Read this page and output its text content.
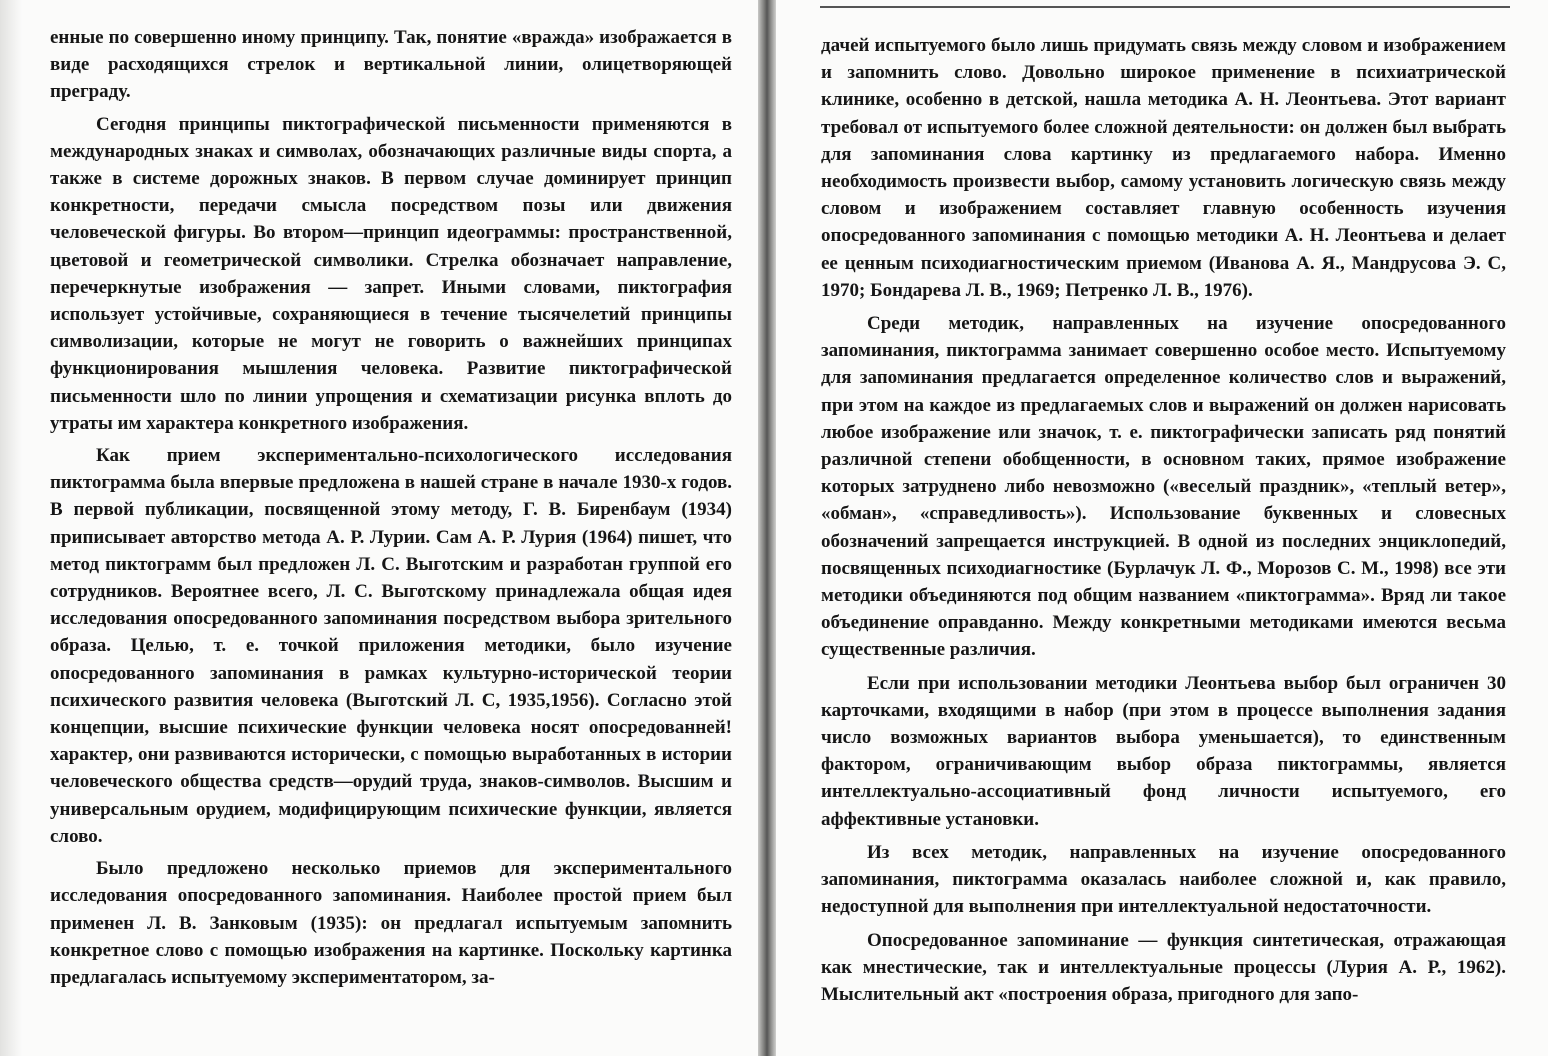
енные по совершенно иному принципу. Так, понятие «вражда» изображается в виде расходящихся стрелок и вертикальной линии, олицетворяющей преграду.

Сегодня принципы пиктографической письменности применяются в международных знаках и символах, обозначающих различные виды спорта, а также в системе дорожных знаков. В первом случае доминирует принцип конкретности, передачи смысла посредством позы или движения человеческой фигуры. Во втором—принцип идеограммы: пространственной, цветовой и геометрической символики. Стрелка обозначает направление, перечеркнутые изображения — запрет. Иными словами, пиктография использует устойчивые, сохраняющиеся в течение тысячелетий принципы символизации, которые не могут не говорить о важнейших принципах функционирования мышления человека. Развитие пиктографической письменности шло по линии упрощения и схематизации рисунка вплоть до утраты им характера конкретного изображения.

Как прием экспериментально-психологического исследования пиктограмма была впервые предложена в нашей стране в начале 1930-х годов. В первой публикации, посвященной этому методу, Г. В. Биренбаум (1934) приписывает авторство метода А. Р. Лурии. Сам А. Р. Лурия (1964) пишет, что метод пиктограмм был предложен Л. С. Выготским и разработан группой его сотрудников. Вероятнее всего, Л. С. Выготскому принадлежала общая идея исследования опосредованного запоминания посредством выбора зрительного образа. Целью, т. е. точкой приложения методики, было изучение опосредованного запоминания в рамках культурно-исторической теории психического развития человека (Выготский Л. С, 1935,1956). Согласно этой концепции, высшие психические функции человека носят опосредованней! характер, они развиваются исторически, с помощью выработанных в истории человеческого общества средств—орудий труда, знаков-символов. Высшим и универсальным орудием, модифицирующим психические функции, является слово.

Было предложено несколько приемов для экспериментального исследования опосредованного запоминания. Наиболее простой прием был применен Л. В. Занковым (1935): он предлагал испытуемым запомнить конкретное слово с помощью изображения на картинке. Поскольку картинка предлагалась испытуемому экспериментатором, за-

дачей испытуемого было лишь придумать связь между словом и изображением и запомнить слово. Довольно широкое применение в психиатрической клинике, особенно в детской, нашла методика А. Н. Леонтьева. Этот вариант требовал от испытуемого более сложной деятельности: он должен был выбрать для запоминания слова картинку из предлагаемого набора. Именно необходимость произвести выбор, самому установить логическую связь между словом и изображением составляет главную особенность изучения опосредованного запоминания с помощью методики А. Н. Леонтьева и делает ее ценным психодиагностическим приемом (Иванова А. Я., Мандрусова Э. С, 1970; Бондарева Л. В., 1969; Петренко Л. В., 1976).

Среди методик, направленных на изучение опосредованного запоминания, пиктограмма занимает совершенно особое место. Испытуемому для запоминания предлагается определенное количество слов и выражений, при этом на каждое из предлагаемых слов и выражений он должен нарисовать любое изображение или значок, т. е. пиктографически записать ряд понятий различной степени обобщенности, в основном таких, прямое изображение которых затруднено либо невозможно («веселый праздник», «теплый ветер», «обман», «справедливость»). Использование буквенных и словесных обозначений запрещается инструкцией. В одной из последних энциклопедий, посвященных психодиагностике (Бурлачук Л. Ф., Морозов С. М., 1998) все эти методики объединяются под общим названием «пиктограмма». Вряд ли такое объединение оправданно. Между конкретными методиками имеются весьма существенные различия.

Если при использовании методики Леонтьева выбор был ограничен 30 карточками, входящими в набор (при этом в процессе выполнения задания число возможных вариантов выбора уменьшается), то единственным фактором, ограничивающим выбор образа пиктограммы, является интеллектуально-ассоциативный фонд личности испытуемого, его аффективные установки.

Из всех методик, направленных на изучение опосредованного запоминания, пиктограмма оказалась наиболее сложной и, как правило, недоступной для выполнения при интеллектуальной недостаточности.

Опосредованное запоминание — функция синтетическая, отражающая как мнестические, так и интеллектуальные процессы (Лурия А. Р., 1962). Мыслительный акт «построения образа, пригодного для запо-
